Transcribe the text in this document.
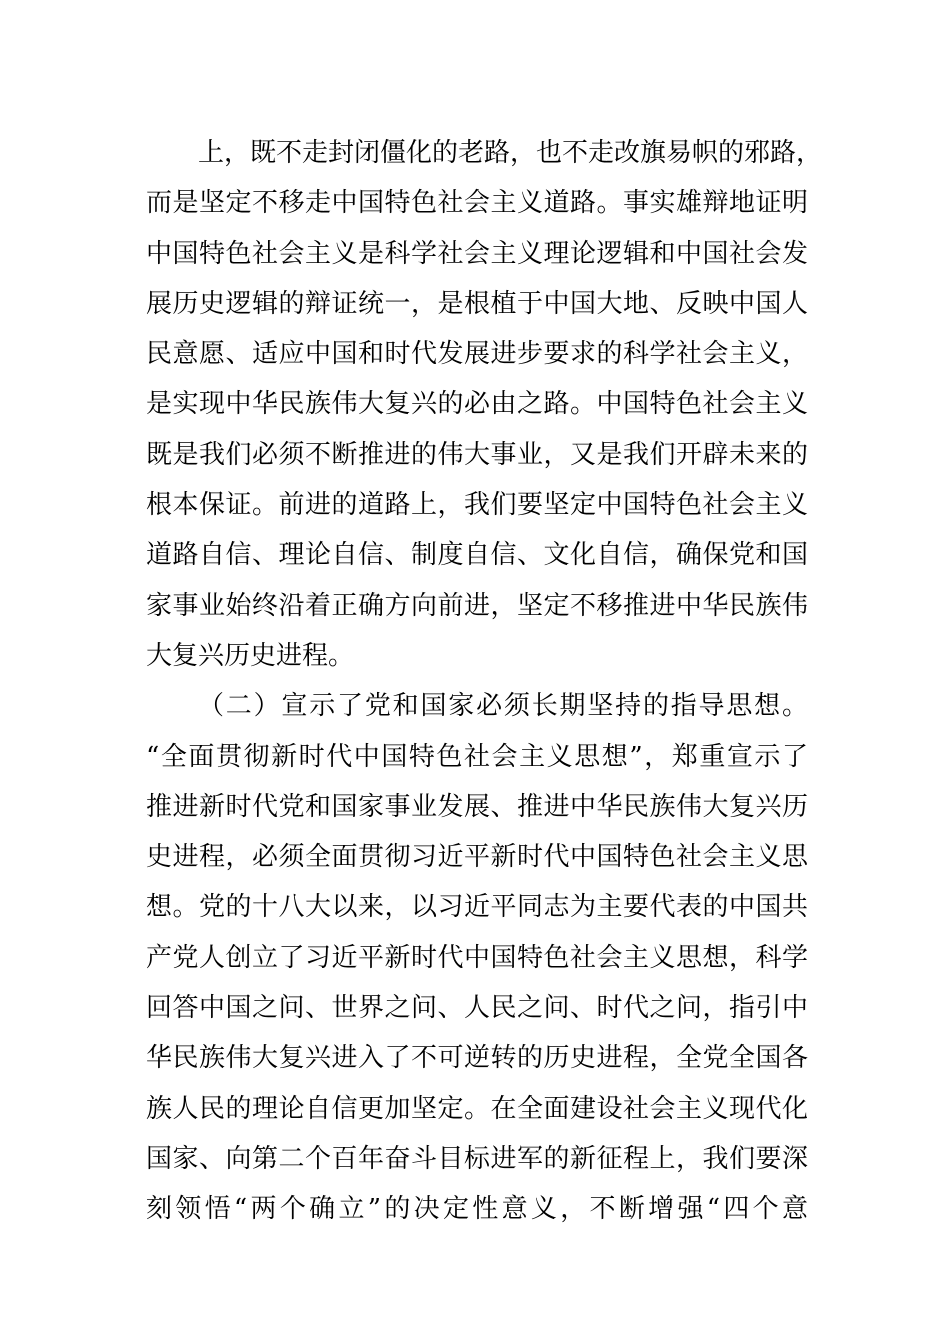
上，既不走封闭僵化的老路，也不走改旗易帜的邪路，
而是坚定不移走中国特色社会主义道路。事实雄辩地证明
中国特色社会主义是科学社会主义理论逻辑和中国社会发
展历史逻辑的辩证统一，是根植于中国大地、反映中国人
民意愿、适应中国和时代发展进步要求的科学社会主义，
是实现中华民族伟大复兴的必由之路。中国特色社会主义
既是我们必须不断推进的伟大事业，又是我们开辟未来的
根本保证。前进的道路上，我们要坚定中国特色社会主义
道路自信、理论自信、制度自信、文化自信，确保党和国
家事业始终沿着正确方向前进，坚定不移推进中华民族伟
大复兴历史进程。
（二）宣示了党和国家必须长期坚持的指导思想。
“全面贯彻新时代中国特色社会主义思想”，郑重宣示了
推进新时代党和国家事业发展、推进中华民族伟大复兴历
史进程，必须全面贯彻习近平新时代中国特色社会主义思
想。党的十八大以来，以习近平同志为主要代表的中国共
产党人创立了习近平新时代中国特色社会主义思想，科学
回答中国之问、世界之问、人民之问、时代之问，指引中
华民族伟大复兴进入了不可逆转的历史进程，全党全国各
族人民的理论自信更加坚定。在全面建设社会主义现代化
国家、向第二个百年奋斗目标进军的新征程上，我们要深
刻领悟“两个确立”的决定性意义，不断增强“四个意
